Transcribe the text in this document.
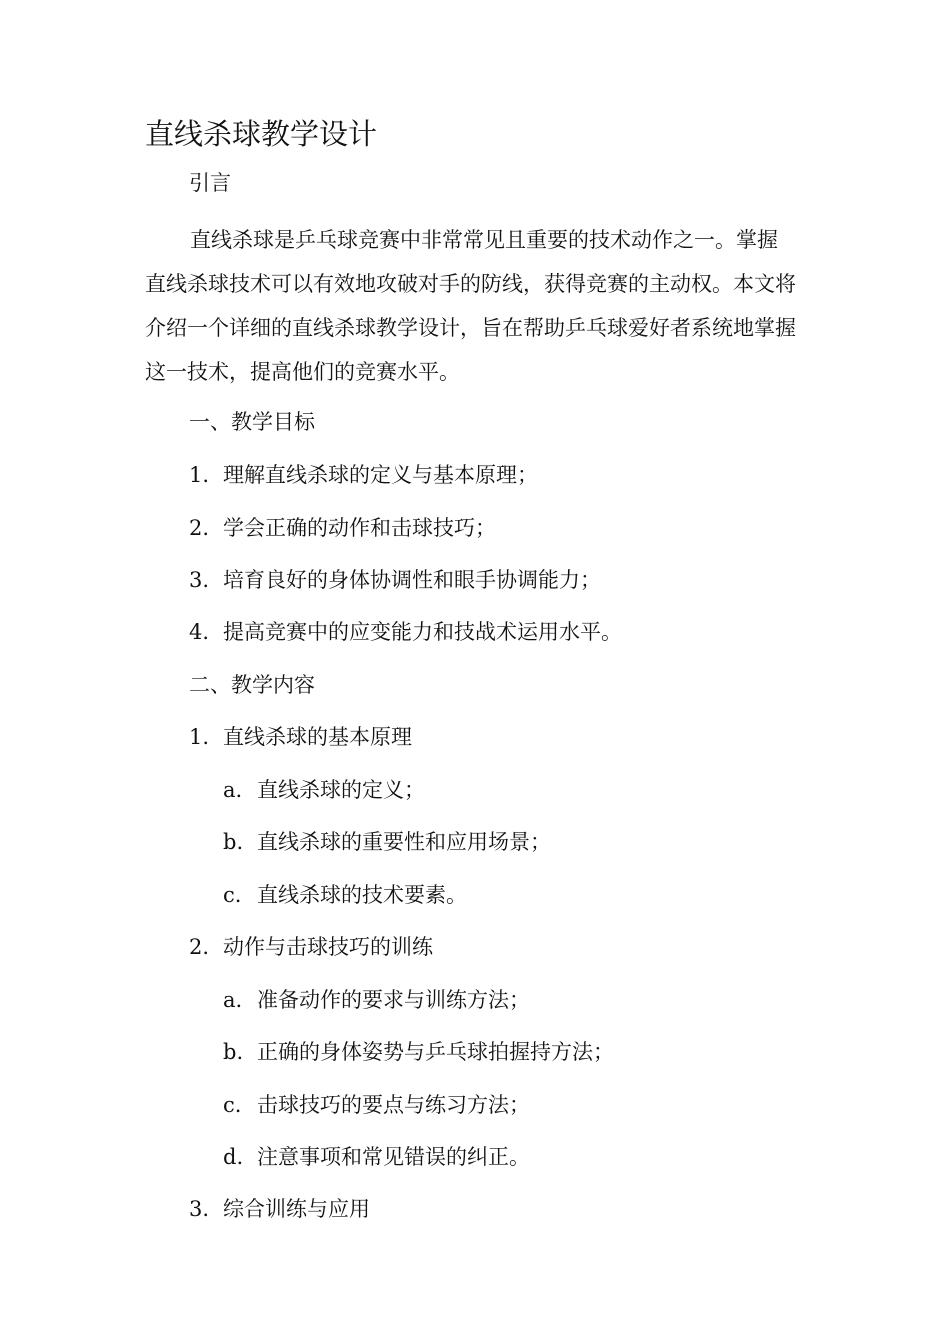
直线杀球教学设计

引言

直线杀球是乒乓球竞赛中非常常见且重要的技术动作之一。掌握直线杀球技术可以有效地攻破对手的防线，获得竞赛的主动权。本文将介绍一个详细的直线杀球教学设计，旨在帮助乒乓球爱好者系统地掌握这一技术，提高他们的竞赛水平。

一、教学目标

1. 理解直线杀球的定义与基本原理；

2. 学会正确的动作和击球技巧；

3. 培育良好的身体协调性和眼手协调能力；

4. 提高竞赛中的应变能力和技战术运用水平。

二、教学内容

1. 直线杀球的基本原理

a. 直线杀球的定义；

b. 直线杀球的重要性和应用场景；

c. 直线杀球的技术要素。

2. 动作与击球技巧的训练

a. 准备动作的要求与训练方法；

b. 正确的身体姿势与乒乓球拍握持方法；

c. 击球技巧的要点与练习方法；

d. 注意事项和常见错误的纠正。

3. 综合训练与应用
